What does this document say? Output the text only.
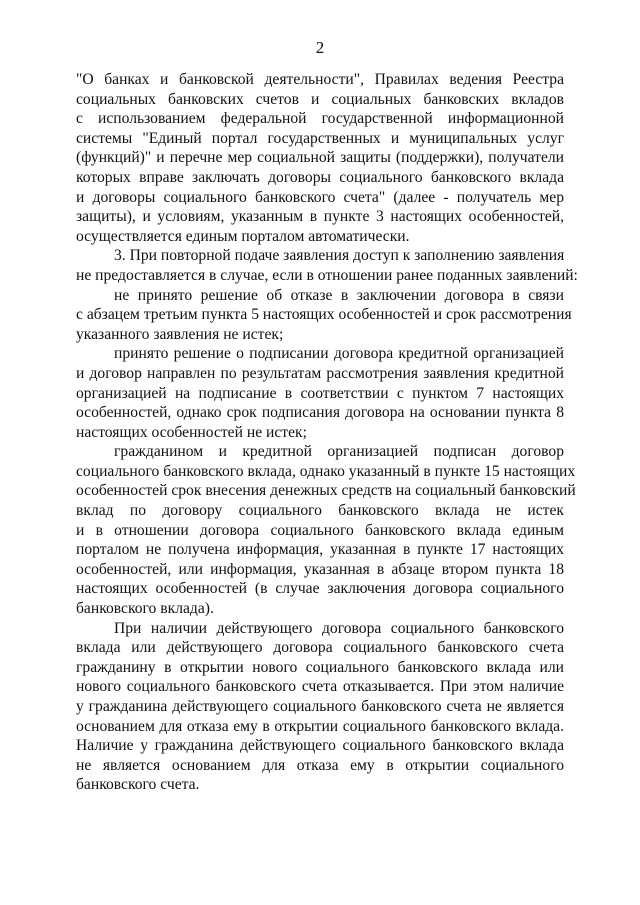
2
"О банках и банковской деятельности", Правилах ведения Реестра
социальных банковских счетов и социальных банковских вкладов
с использованием федеральной государственной информационной
системы "Единый портал государственных и муниципальных услуг
(функций)" и перечне мер социальной защиты (поддержки), получатели
которых вправе заключать договоры социального банковского вклада
и договоры социального банковского счета" (далее - получатель мер
защиты), и условиям, указанным в пункте 3 настоящих особенностей,
осуществляется единым порталом автоматически.
3. При повторной подаче заявления доступ к заполнению заявления
не предоставляется в случае, если в отношении ранее поданных заявлений:
не принято решение об отказе в заключении договора в связи
с абзацем третьим пункта 5 настоящих особенностей и срок рассмотрения
указанного заявления не истек;
принято решение о подписании договора кредитной организацией
и договор направлен по результатам рассмотрения заявления кредитной
организацией на подписание в соответствии с пунктом 7 настоящих
особенностей, однако срок подписания договора на основании пункта 8
настоящих особенностей не истек;
гражданином и кредитной организацией подписан договор
социального банковского вклада, однако указанный в пункте 15 настоящих
особенностей срок внесения денежных средств на социальный банковский
вклад по договору социального банковского вклада не истек
и в отношении договора социального банковского вклада единым
порталом не получена информация, указанная в пункте 17 настоящих
особенностей, или информация, указанная в абзаце втором пункта 18
настоящих особенностей (в случае заключения договора социального
банковского вклада).
При наличии действующего договора социального банковского
вклада или действующего договора социального банковского счета
гражданину в открытии нового социального банковского вклада или
нового социального банковского счета отказывается. При этом наличие
у гражданина действующего социального банковского счета не является
основанием для отказа ему в открытии социального банковского вклада.
Наличие у гражданина действующего социального банковского вклада
не является основанием для отказа ему в открытии социального
банковского счета.
